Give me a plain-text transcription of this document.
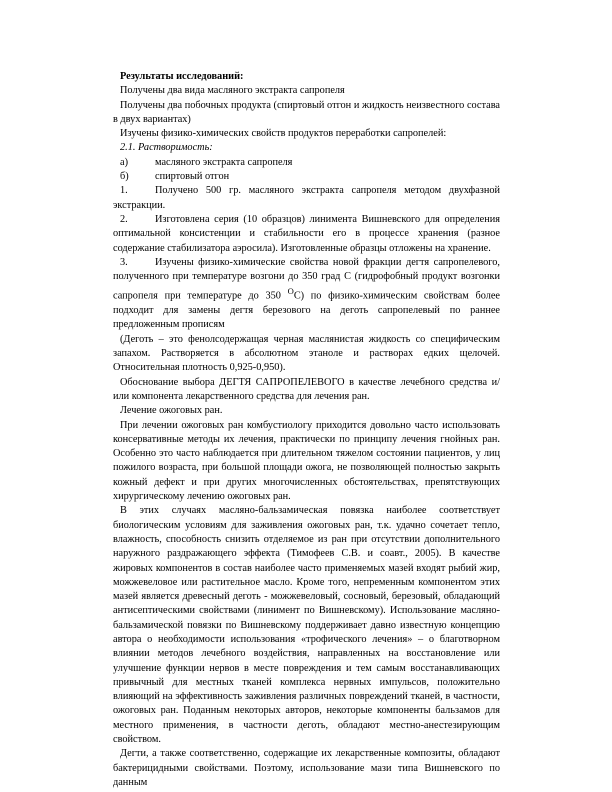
Результаты исследований:

Получены два вида масляного экстракта сапропеля

Получены два побочных продукта (спиртовый отгон и жидкость неизвестного состава в двух вариантах)

Изучены физико-химических свойств продуктов переработки сапропелей:

2.1. Растворимость:

а)	масляного экстракта сапропеля

б)	спиртовый отгон

1.	Получено 500 гр. масляного экстракта сапропеля методом двухфазной экстракции.

2.	Изготовлена серия (10 образцов) линимента Вишневского для определения оптимальной консистенции и стабильности его в процессе хранения (разное содержание стабилизатора аэросила). Изготовленные образцы отложены на хранение.

3.	Изучены физико-химические свойства новой фракции дегтя сапропелевого, полученного при температуре возгони до 350 град С (гидрофобный продукт возгонки сапропеля при температуре до 350 $^О$С) по физико-химическим свойствам более подходит для замены дегтя березового на деготь сапропелевый по раннее предложенным прописям

(Деготь – это фенолсодержащая черная маслянистая жидкость со специфическим запахом. Растворяется в абсолютном этаноле и растворах едких щелочей. Относительная плотность 0,925-0,950).

Обоснование выбора ДЕГТЯ САПРОПЕЛЕВОГО в качестве лечебного средства и/или компонента лекарственного средства для лечения ран.

Лечение ожоговых ран.

При лечении ожоговых ран комбустиологу приходится довольно часто использовать консервативные методы их лечения, практически по принципу лечения гнойных ран. Особенно это часто наблюдается при длительном тяжелом состоянии пациентов, у лиц пожилого возраста, при большой площади ожога, не позволяющей полностью закрыть кожный дефект и при других многочисленных обстоятельствах, препятствующих хирургическому лечению ожоговых ран.

В этих случаях масляно-бальзамическая повязка наиболее соответствует биологическим условиям для заживления ожоговых ран, т.к. удачно сочетает тепло, влажность, способность снизить отделяемое из ран при отсутствии дополнительного наружного раздражающего эффекта (Тимофеев С.В. и соавт., 2005). В качестве жировых компонентов в состав наиболее часто применяемых мазей входят рыбий жир, можжевеловое или растительное масло. Кроме того, непременным компонентом этих мазей является древесный деготь - можжевеловый, сосновый, березовый, обладающий антисептическими свойствами (линимент по Вишневскому). Использование масляно-бальзамической повязки по Вишневскому поддерживает давно известную концепцию автора о необходимости использования «трофического лечения» – о благотворном влиянии методов лечебного воздействия, направленных на восстановление или улучшение функции нервов в месте повреждения и тем самым восстанавливающих привычный для местных тканей комплекса нервных импульсов, положительно влияющий на эффективность заживления различных повреждений тканей, в частности, ожоговых ран. Поданным некоторых авторов, некоторые компоненты бальзамов для местного применения, в частности деготь, обладают местно-анестезирующим свойством.

Дегти, а также соответственно, содержащие их лекарственные композиты, обладают бактерицидными свойствами. Поэтому, использование мази типа Вишневского по данным
